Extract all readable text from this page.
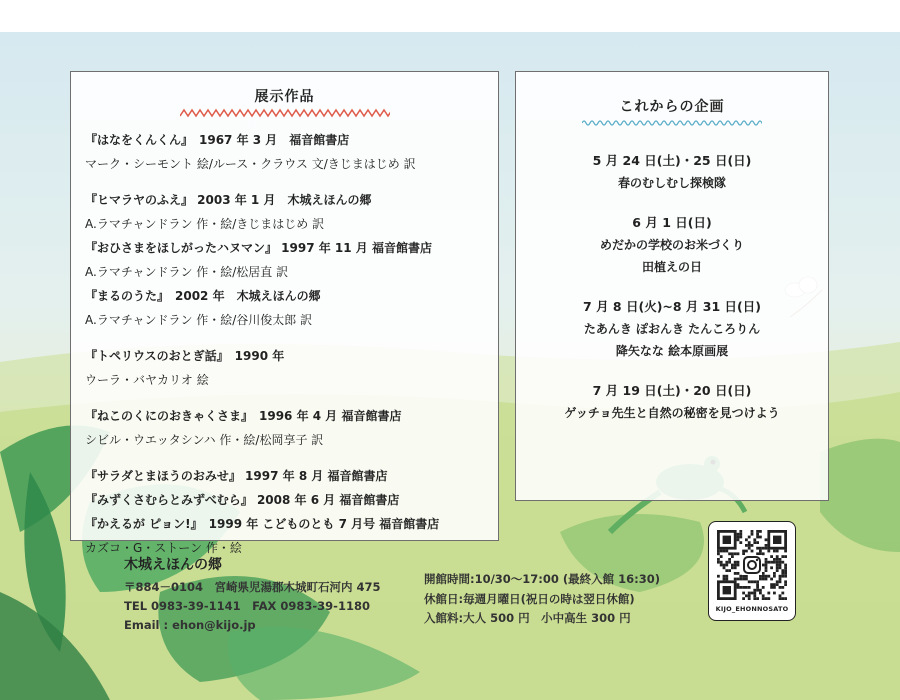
展示作品
『はなをくんくん』　1967 年 3 月　福音館書店
マーク・シーモント 絵/ルース・クラウス 文/きじまはじめ 訳
『ヒマラヤのふえ』 2003 年 1 月　木城えほんの郷
A.ラマチャンドラン 作・絵/きじまはじめ 訳
『おひさまをほしがったハヌマン』 1997 年 11 月 福音館書店
A.ラマチャンドラン 作・絵/松居直 訳
『まるのうた』　2002 年　木城えほんの郷
A.ラマチャンドラン 作・絵/谷川俊太郎 訳
『トペリウスのおとぎ話』　1990 年
ウーラ・バヤカリオ 絵
『ねこのくにのおきゃくさま』　1996 年 4 月 福音館書店
シビル・ウエッタシンハ 作・絵/松岡享子 訳
『サラダとまほうのおみせ』 1997 年 8 月 福音館書店
『みずくさむらとみずべむら』 2008 年 6 月 福音館書店
『かえるが ピョン!』　1999 年 こどものとも 7 月号 福音館書店
カズコ・G・ストーン 作・絵
これからの企画
5 月 24 日(土)・25 日(日)
春のむしむし探検隊
6 月 1 日(日)
めだかの学校のお米づくり
田植えの日
7 月 8 日(火)~8 月 31 日(日)
たあんき ぽおんき たんころりん
降矢なな 絵本原画展
7 月 19 日(土)・20 日(日)
ゲッチョ先生と自然の秘密を見つけよう
木城えほんの郷
〒884－0104　宮崎県児湯郡木城町石河内 475
TEL 0983-39-1141　FAX 0983-39-1180
Email : ehon@kijo.jp
開館時間:10/30～17:00 (最終入館 16:30)
休館日:毎週月曜日(祝日の時は翌日休館)
入館料:大人 500 円　小中高生 300 円
KIJO_EHONNOSATO
